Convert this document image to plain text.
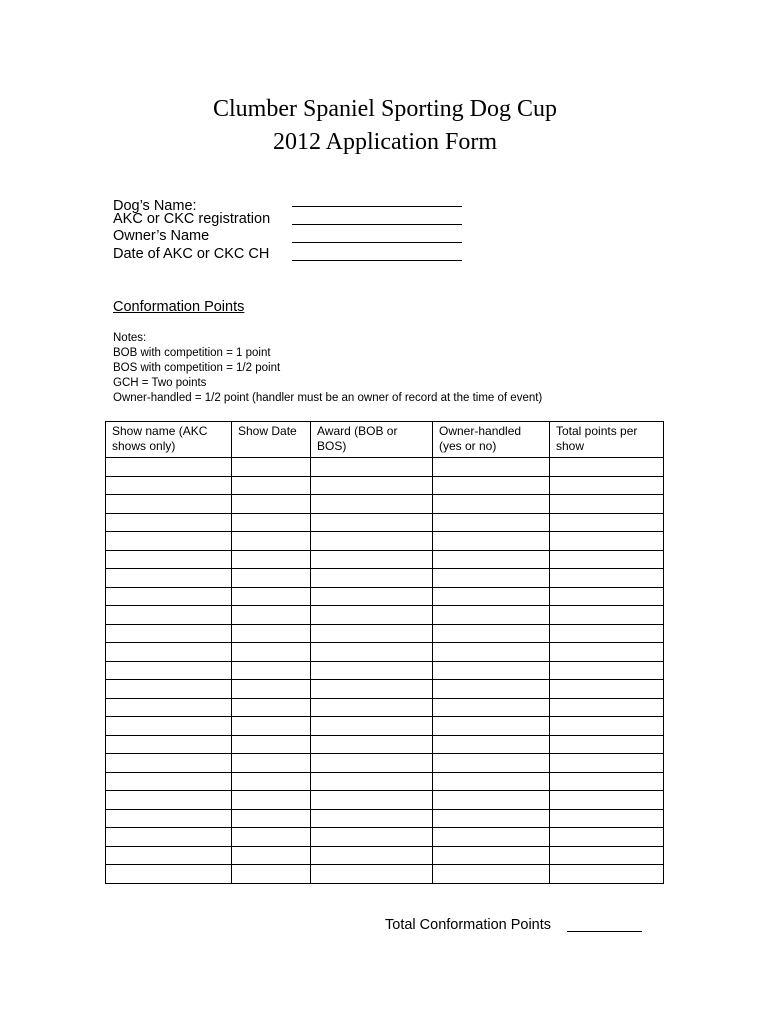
Clumber Spaniel Sporting Dog Cup
2012 Application Form
Dog’s Name:
AKC or CKC registration
Owner’s Name
Date of AKC or CKC CH
Conformation Points
Notes:
BOB with competition = 1 point
BOS with competition = 1/2 point
GCH = Two points
Owner-handled = 1/2 point (handler must be an owner of record at the time of event)
Show name (AKC shows only)	Show Date	Award (BOB or BOS)	Owner-handled (yes or no)	Total points per show

Total Conformation Points
